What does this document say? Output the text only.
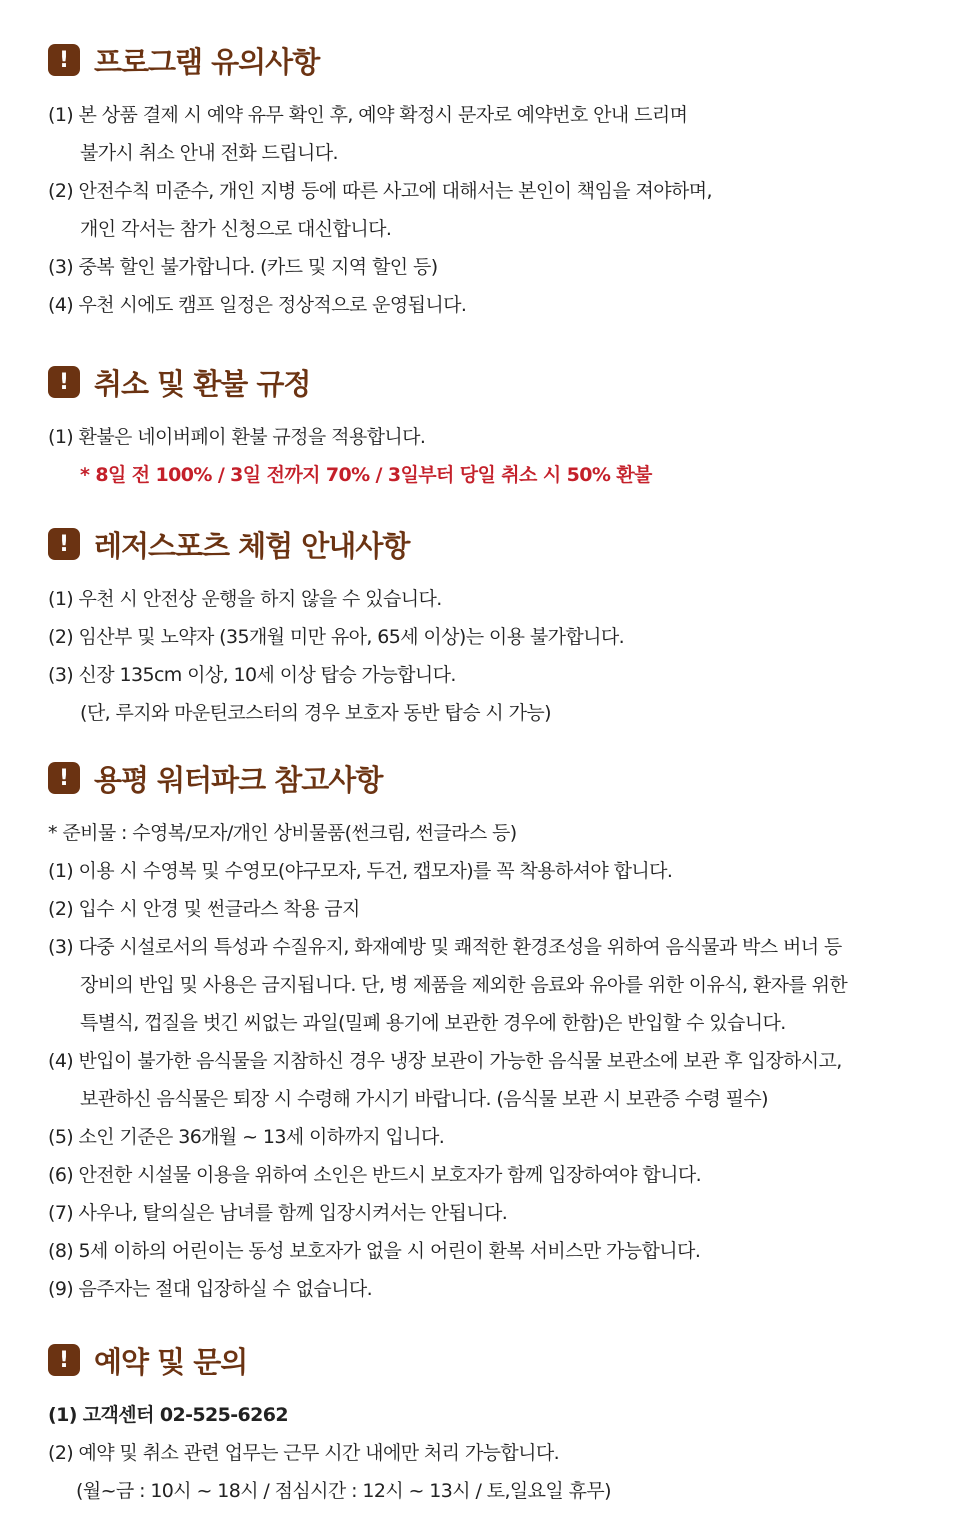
! 프로그램 유의사항
(1) 본 상품 결제 시 예약 유무 확인 후, 예약 확정시 문자로 예약번호 안내 드리며
불가시 취소 안내 전화 드립니다.
(2) 안전수칙 미준수, 개인 지병 등에 따른 사고에 대해서는 본인이 책임을 져야하며,
개인 각서는 참가 신청으로 대신합니다.
(3) 중복 할인 불가합니다. (카드 및 지역 할인 등)
(4) 우천 시에도 캠프 일정은 정상적으로 운영됩니다.
! 취소 및 환불 규정
(1) 환불은 네이버페이 환불 규정을 적용합니다.
* 8일 전 100% / 3일 전까지 70% / 3일부터 당일 취소 시 50% 환불
! 레저스포츠 체험 안내사항
(1) 우천 시 안전상 운행을 하지 않을 수 있습니다.
(2) 임산부 및 노약자 (35개월 미만 유아, 65세 이상)는 이용 불가합니다.
(3) 신장 135cm 이상, 10세 이상 탑승 가능합니다.
(단, 루지와 마운틴코스터의 경우 보호자 동반 탑승 시 가능)
! 용평 워터파크 참고사항
* 준비물 : 수영복/모자/개인 상비물품(썬크림, 썬글라스 등)
(1) 이용 시 수영복 및 수영모(야구모자, 두건, 캡모자)를 꼭 착용하셔야 합니다.
(2) 입수 시 안경 및 썬글라스 착용 금지
(3) 다중 시설로서의 특성과 수질유지, 화재예방 및 쾌적한 환경조성을 위하여 음식물과 박스 버너 등
장비의 반입 및 사용은 금지됩니다. 단, 병 제품을 제외한 음료와 유아를 위한 이유식, 환자를 위한
특별식, 껍질을 벗긴 씨없는 과일(밀폐 용기에 보관한 경우에 한함)은 반입할 수 있습니다.
(4) 반입이 불가한 음식물을 지참하신 경우 냉장 보관이 가능한 음식물 보관소에 보관 후 입장하시고,
보관하신 음식물은 퇴장 시 수령해 가시기 바랍니다. (음식물 보관 시 보관증 수령 필수)
(5) 소인 기준은 36개월 ~ 13세 이하까지 입니다.
(6) 안전한 시설물 이용을 위하여 소인은 반드시 보호자가 함께 입장하여야 합니다.
(7) 사우나, 탈의실은 남녀를 함께 입장시켜서는 안됩니다.
(8) 5세 이하의 어린이는 동성 보호자가 없을 시 어린이 환복 서비스만 가능합니다.
(9) 음주자는 절대 입장하실 수 없습니다.
! 예약 및 문의
(1) 고객센터 02-525-6262
(2) 예약 및 취소 관련 업무는 근무 시간 내에만 처리 가능합니다.
(월~금 : 10시 ~ 18시 / 점심시간 : 12시 ~ 13시 / 토,일요일 휴무)
